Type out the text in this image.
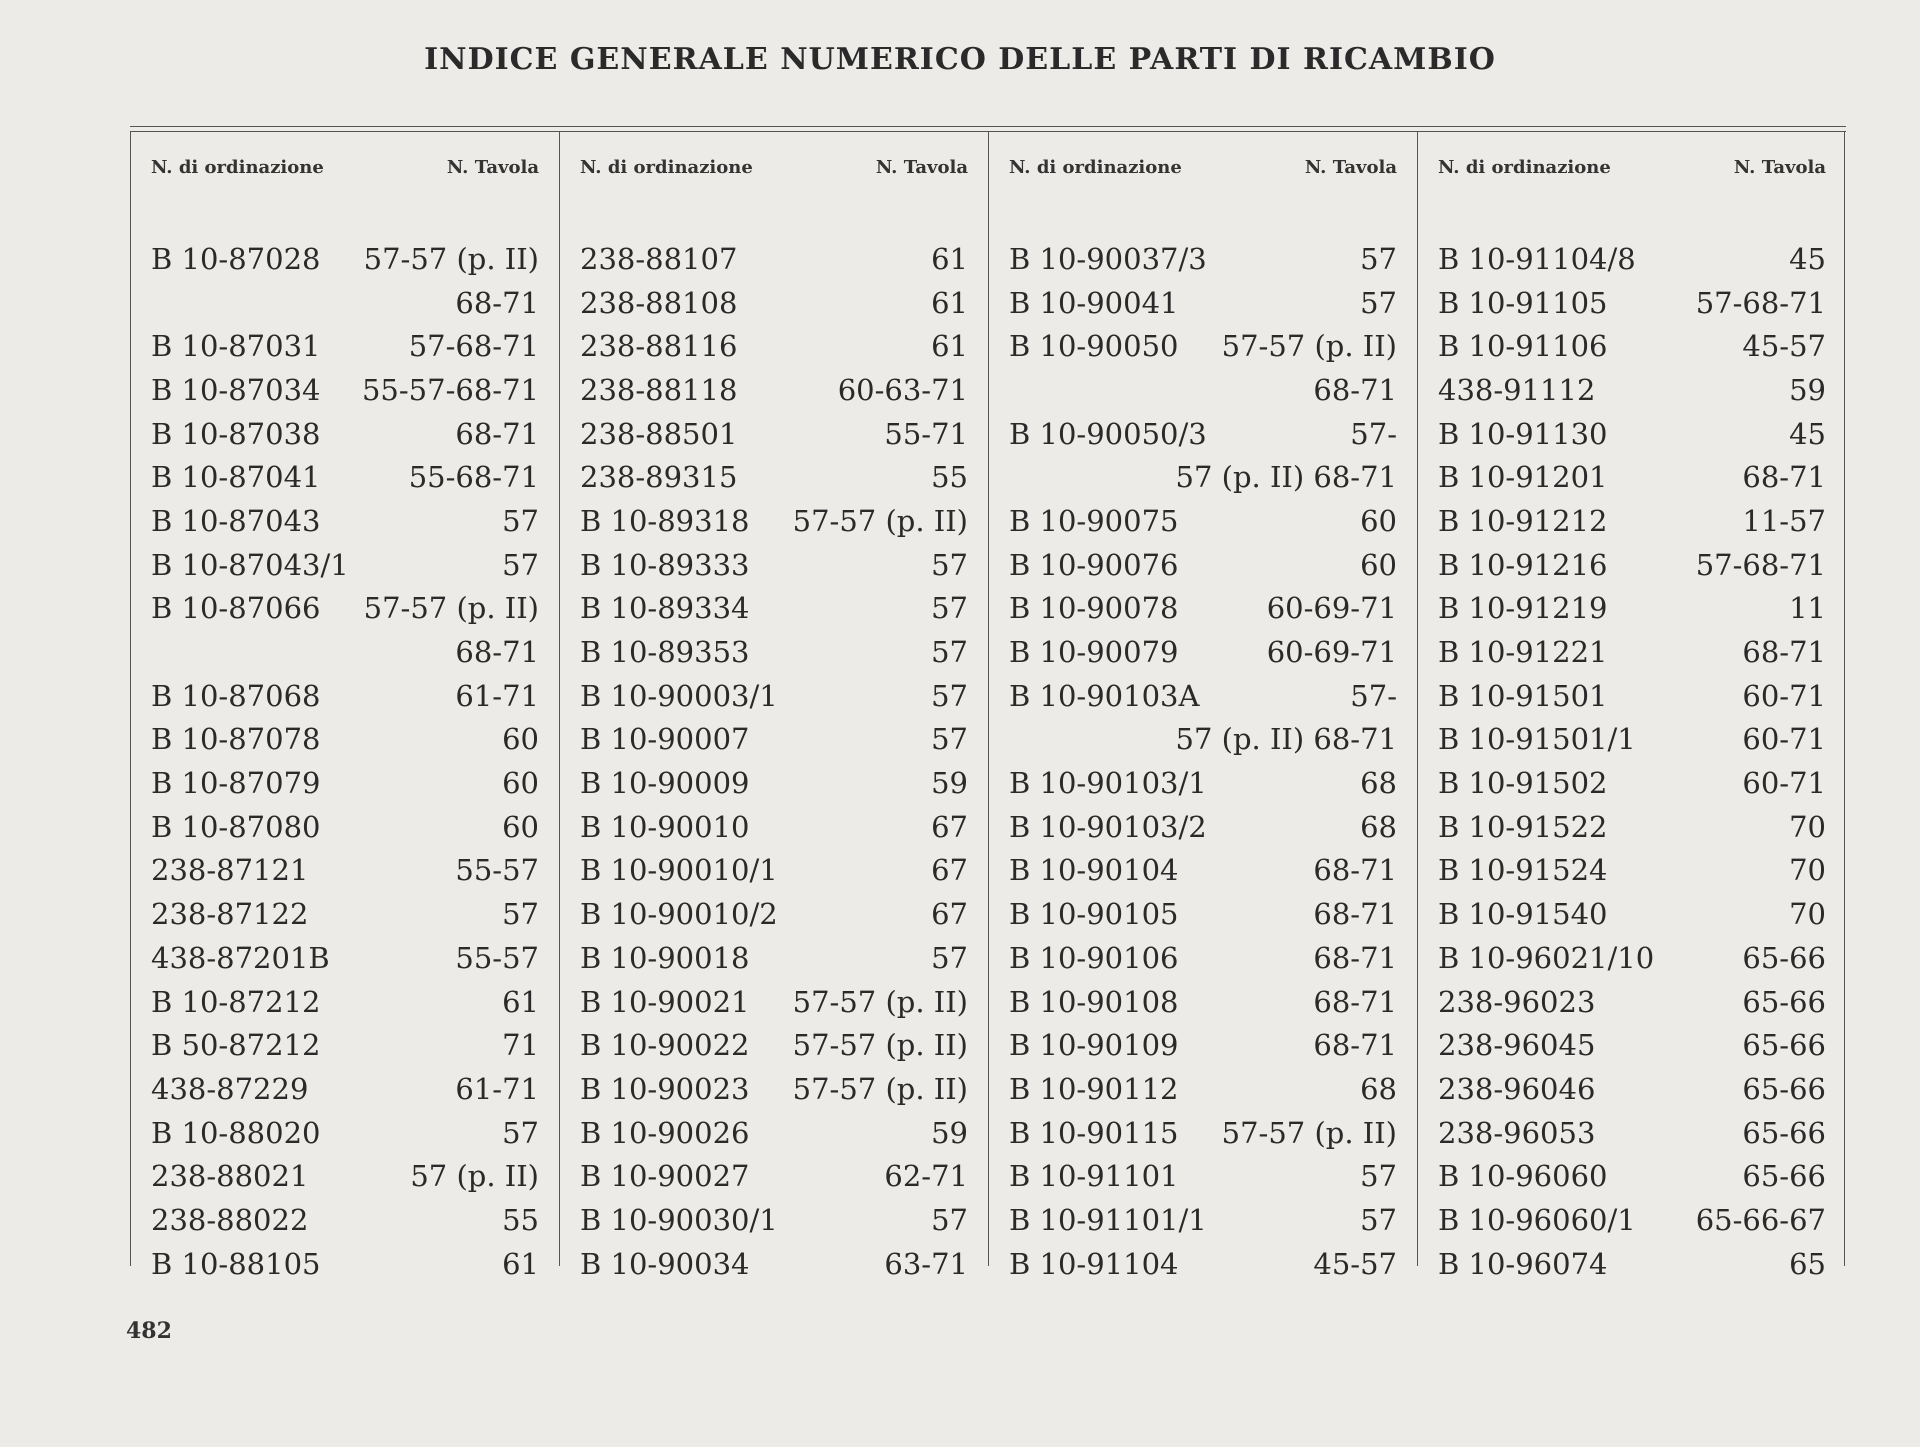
INDICE GENERALE NUMERICO DELLE PARTI DI RICAMBIO
N. di ordinazione	N. Tavola
B 10-87028	57-57 (p. II)
68-71
B 10-87031	57-68-71
B 10-87034	55-57-68-71
B 10-87038	68-71
B 10-87041	55-68-71
B 10-87043	57
B 10-87043/1	57
B 10-87066	57-57 (p. II)
68-71
B 10-87068	61-71
B 10-87078	60
B 10-87079	60
B 10-87080	60
238-87121	55-57
238-87122	57
438-87201B	55-57
B 10-87212	61
B 50-87212	71
438-87229	61-71
B 10-88020	57
238-88021	57 (p. II)
238-88022	55
B 10-88105	61
N. di ordinazione	N. Tavola
238-88107	61
238-88108	61
238-88116	61
238-88118	60-63-71
238-88501	55-71
238-89315	55
B 10-89318	57-57 (p. II)
B 10-89333	57
B 10-89334	57
B 10-89353	57
B 10-90003/1	57
B 10-90007	57
B 10-90009	59
B 10-90010	67
B 10-90010/1	67
B 10-90010/2	67
B 10-90018	57
B 10-90021	57-57 (p. II)
B 10-90022	57-57 (p. II)
B 10-90023	57-57 (p. II)
B 10-90026	59
B 10-90027	62-71
B 10-90030/1	57
B 10-90034	63-71
N. di ordinazione	N. Tavola
B 10-90037/3	57
B 10-90041	57
B 10-90050	57-57 (p. II)
68-71
B 10-90050/3	57-
57 (p. II) 68-71
B 10-90075	60
B 10-90076	60
B 10-90078	60-69-71
B 10-90079	60-69-71
B 10-90103A	57-
57 (p. II) 68-71
B 10-90103/1	68
B 10-90103/2	68
B 10-90104	68-71
B 10-90105	68-71
B 10-90106	68-71
B 10-90108	68-71
B 10-90109	68-71
B 10-90112	68
B 10-90115	57-57 (p. II)
B 10-91101	57
B 10-91101/1	57
B 10-91104	45-57
N. di ordinazione	N. Tavola
B 10-91104/8	45
B 10-91105	57-68-71
B 10-91106	45-57
438-91112	59
B 10-91130	45
B 10-91201	68-71
B 10-91212	11-57
B 10-91216	57-68-71
B 10-91219	11
B 10-91221	68-71
B 10-91501	60-71
B 10-91501/1	60-71
B 10-91502	60-71
B 10-91522	70
B 10-91524	70
B 10-91540	70
B 10-96021/10	65-66
238-96023	65-66
238-96045	65-66
238-96046	65-66
238-96053	65-66
B 10-96060	65-66
B 10-96060/1	65-66-67
B 10-96074	65
482
